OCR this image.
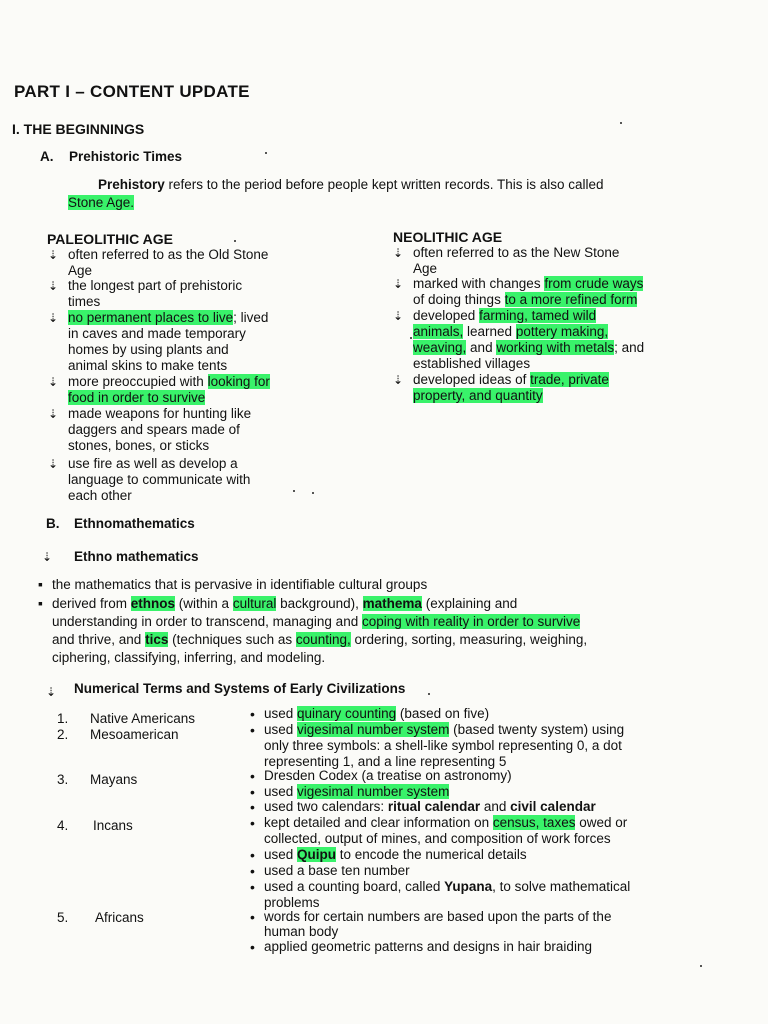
PART I – CONTENT UPDATE
I. THE BEGINNINGS
A. Prehistoric Times
Prehistory refers to the period before people kept written records. This is also called
Stone Age.
PALEOLITHIC AGE
⇣ often referred to as the Old Stone
Age
⇣ the longest part of prehistoric
times
⇣ no permanent places to live; lived
in caves and made temporary
homes by using plants and
animal skins to make tents
⇣ more preoccupied with looking for
food in order to survive
⇣ made weapons for hunting like
daggers and spears made of
stones, bones, or sticks
⇣ use fire as well as develop a
language to communicate with
each other
NEOLITHIC AGE
⇣ often referred to as the New Stone
Age
⇣ marked with changes from crude ways
of doing things to a more refined form
⇣ developed farming, tamed wild
animals, learned pottery making,
weaving, and working with metals; and
established villages
⇣ developed ideas of trade, private
property, and quantity
B. Ethnomathematics
⇣ Ethno mathematics
▪ the mathematics that is pervasive in identifiable cultural groups
▪ derived from ethnos (within a cultural background), mathema (explaining and
understanding in order to transcend, managing and coping with reality in order to survive
and thrive, and tics (techniques such as counting, ordering, sorting, measuring, weighing,
ciphering, classifying, inferring, and modeling.
⇣ Numerical Terms and Systems of Early Civilizations
1. Native Americans
2. Mesoamerican
3. Mayans
4. Incans
5. Africans
• used quinary counting (based on five)
• used vigesimal number system (based twenty system) using
only three symbols: a shell-like symbol representing 0, a dot
representing 1, and a line representing 5
• Dresden Codex (a treatise on astronomy)
• used vigesimal number system
• used two calendars: ritual calendar and civil calendar
• kept detailed and clear information on census, taxes owed or
collected, output of mines, and composition of work forces
• used Quipu to encode the numerical details
• used a base ten number
• used a counting board, called Yupana, to solve mathematical
problems
• words for certain numbers are based upon the parts of the
human body
• applied geometric patterns and designs in hair braiding
